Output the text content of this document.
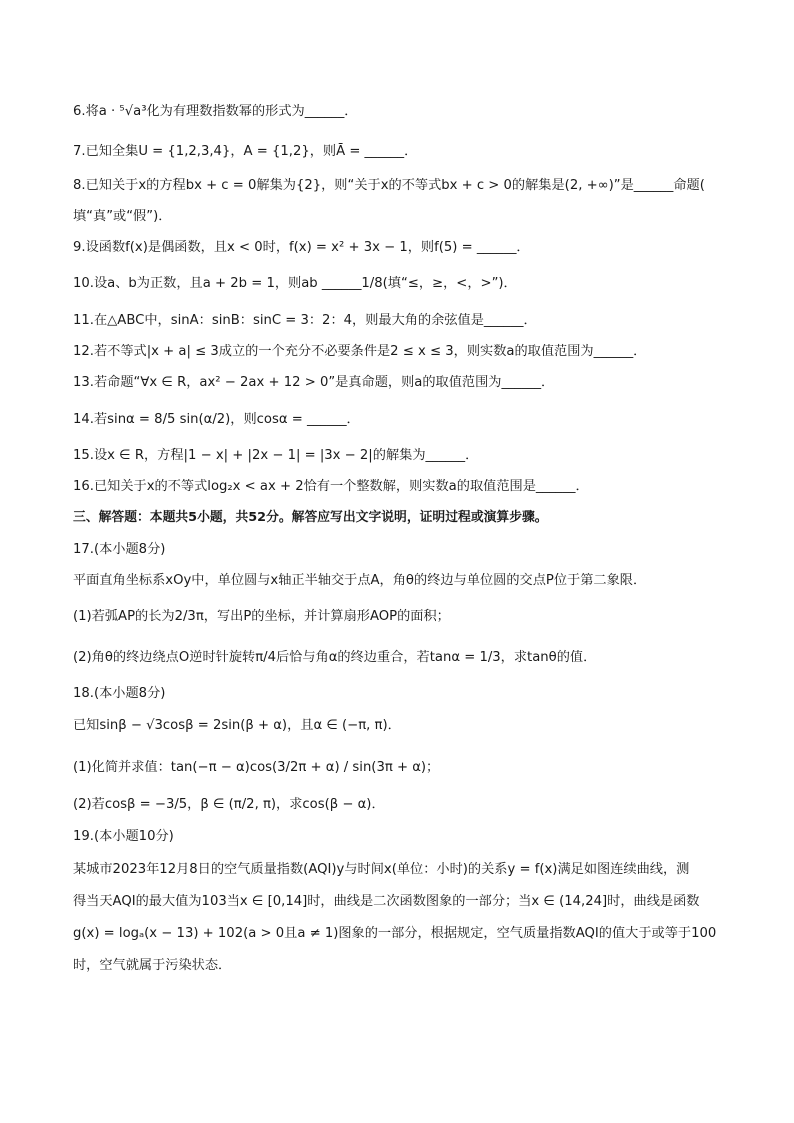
6.将a · ⁵√a³化为有理数指数幂的形式为______．
7.已知全集U = {1,2,3,4}，A = {1,2}，则Ā = ______．
8.已知关于x的方程bx + c = 0解集为{2}，则“关于x的不等式bx + c > 0的解集是(2, +∞)”是______命题(
填“真”或“假”)．
9.设函数f(x)是偶函数，且x < 0时，f(x) = x² + 3x − 1，则f(5) = ______．
10.设a、b为正数，且a + 2b = 1，则ab ______1/8(填“≤，≥，<，>”)．
11.在△ABC中，sinA：sinB：sinC = 3：2：4，则最大角的余弦值是______．
12.若不等式|x + a| ≤ 3成立的一个充分不必要条件是2 ≤ x ≤ 3，则实数a的取值范围为______．
13.若命题“∀x ∈ R，ax² − 2ax + 12 > 0”是真命题，则a的取值范围为______．
14.若sinα = 8/5 sin(α/2)，则cosα = ______．
15.设x ∈ R，方程|1 − x| + |2x − 1| = |3x − 2|的解集为______．
16.已知关于x的不等式log₂x < ax + 2恰有一个整数解，则实数a的取值范围是______．
三、解答题：本题共5小题，共52分。解答应写出文字说明，证明过程或演算步骤。
17.(本小题8分)
平面直角坐标系xOy中，单位圆与x轴正半轴交于点A，角θ的终边与单位圆的交点P位于第二象限．
(1)若弧AP的长为2/3π，写出P的坐标，并计算扇形AOP的面积；
(2)角θ的终边绕点O逆时针旋转π/4后恰与角α的终边重合，若tanα = 1/3，求tanθ的值．
18.(本小题8分)
已知sinβ − √3cosβ = 2sin(β + α)，且α ∈ (−π, π)．
(1)化简并求值：tan(−π − α)cos(3/2π + α) / sin(3π + α)；
(2)若cosβ = −3/5，β ∈ (π/2, π)，求cos(β − α)．
19.(本小题10分)
某城市2023年12月8日的空气质量指数(AQI)y与时间x(单位：小时)的关系y = f(x)满足如图连续曲线，测
得当天AQI的最大值为103当x ∈ [0,14]时，曲线是二次函数图象的一部分；当x ∈ (14,24]时，曲线是函数
g(x) = logₐ(x − 13) + 102(a > 0且a ≠ 1)图象的一部分，根据规定，空气质量指数AQI的值大于或等于100
时，空气就属于污染状态．
